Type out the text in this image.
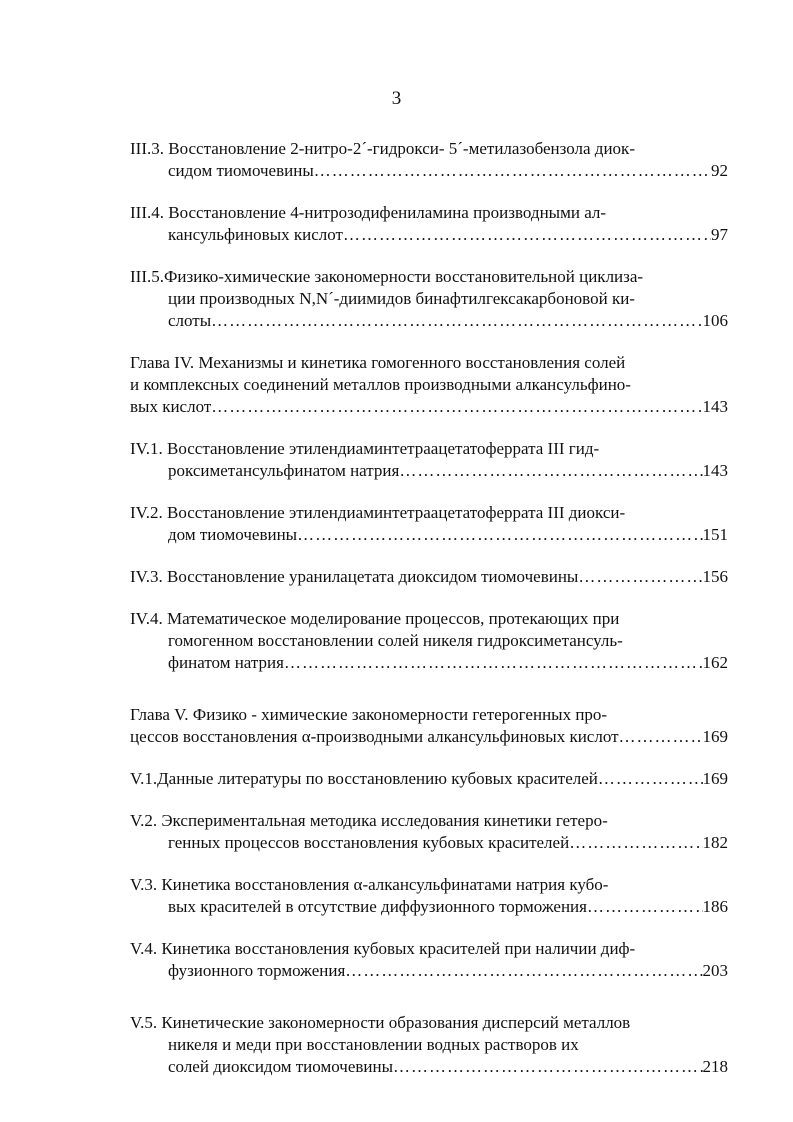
3
III.3. Восстановление 2-нитро-2´-гидрокси- 5´-метилазобензола диок-
сидом тиомочевины …………………………………………………………………………………………………………………………………………	92
III.4. Восстановление 4-нитрозодифениламина производными ал-
кансульфиновых кислот …………………………………………………………………………………………………………………………………………	97
III.5.Физико-химические закономерности восстановительной циклиза-
ции производных N,N´-диимидов бинафтилгексакарбоновой ки-
слоты …………………………………………………………………………………………………………………………………………	106
Глава IV. Механизмы и кинетика гомогенного восстановления солей
и комплексных соединений металлов производными алкансульфино-
вых кислот …………………………………………………………………………………………………………………………………………	143
IV.1. Восстановление этилендиаминтетраацетатоферрата III гид-
роксиметансульфинатом натрия …………………………………………………………………………………………………………………………………………	143
IV.2. Восстановление этилендиаминтетраацетатоферрата III диокси-
дом тиомочевины …………………………………………………………………………………………………………………………………………	151
IV.3. Восстановление уранилацетата диоксидом тиомочевины …………………………………………………………………………………………………………………………………………	156
IV.4. Математическое моделирование процессов, протекающих при
гомогенном восстановлении солей никеля гидроксиметансуль-
финатом натрия …………………………………………………………………………………………………………………………………………	162
Глава V. Физико - химические закономерности гетерогенных про-
цессов восстановления α-производными алкансульфиновых кислот …………………………………………………………………………………………………………………………………………	169
V.1.Данные литературы по восстановлению кубовых красителей …………………………………………………………………………………………………………………………………………	169
V.2. Экспериментальная методика исследования кинетики гетеро-
генных процессов восстановления кубовых красителей …………………………………………………………………………………………………………………………………………	182
V.3. Кинетика восстановления α-алкансульфинатами натрия кубо-
вых красителей в отсутствие диффузионного торможения …………………………………………………………………………………………………………………………………………	186
V.4. Кинетика восстановления кубовых красителей при наличии диф-
фузионного торможения …………………………………………………………………………………………………………………………………………	203
V.5. Кинетические закономерности образования дисперсий металлов
никеля и меди при восстановлении водных растворов их
солей диоксидом тиомочевины …………………………………………………………………………………………………………………………………………	218
